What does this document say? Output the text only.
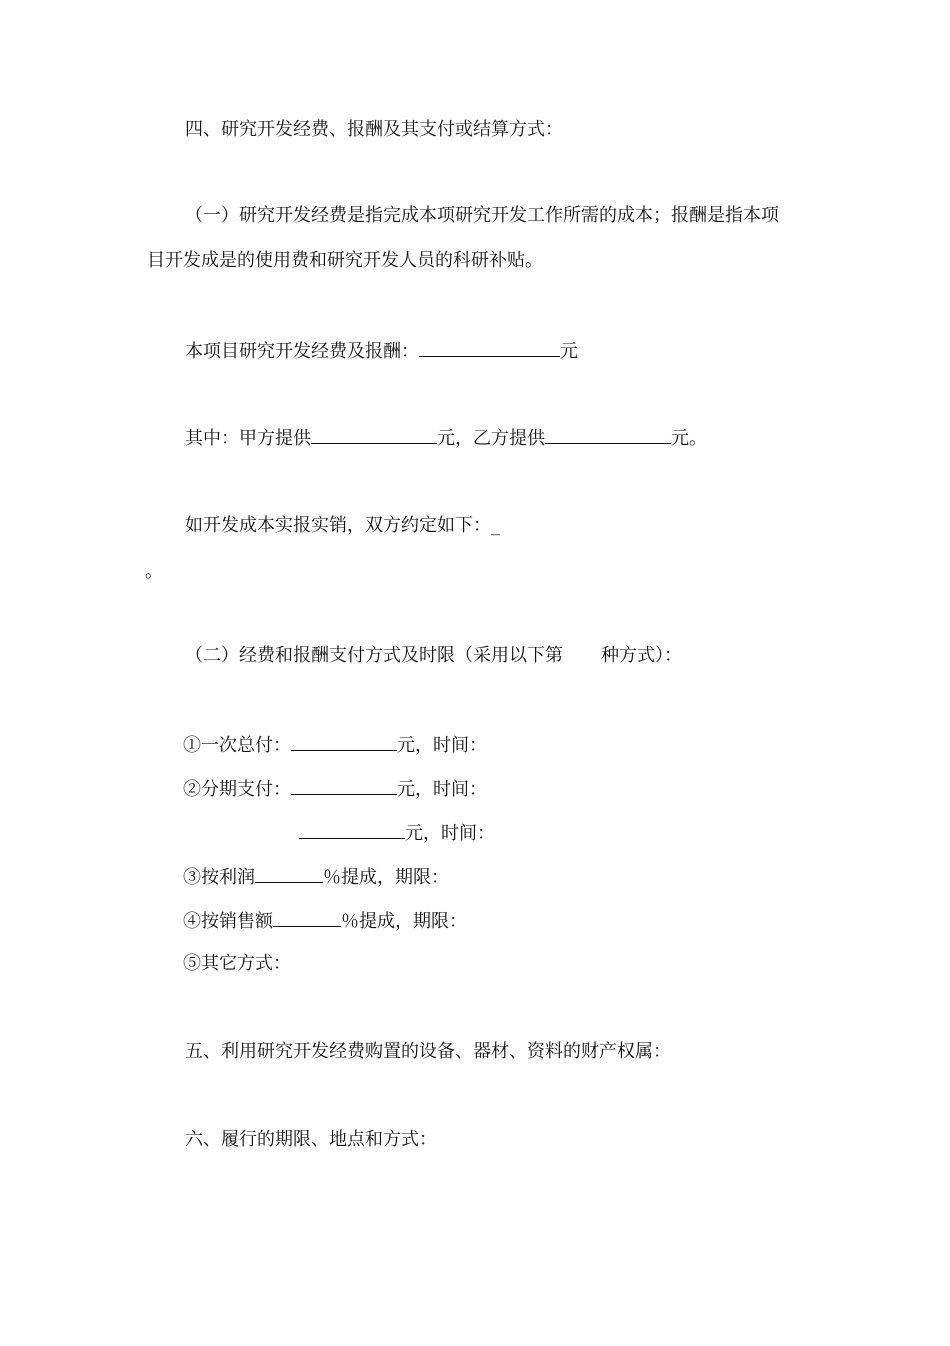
四、研究开发经费、报酬及其支付或结算方式：
（一）研究开发经费是指完成本项研究开发工作所需的成本；报酬是指本项
目开发成是的使用费和研究开发人员的科研补贴。
本项目研究开发经费及报酬：	元
其中：甲方提供	元，乙方提供	元。
如开发成本实报实销，双方约定如下：_
。
（二）经费和报酬支付方式及时限（采用以下第 种方式）：
①一次总付：	元，时间：
②分期支付：	元，时间：
元，时间：
③按利润	％提成，期限：
④按销售额	％提成，期限：
⑤其它方式：
五、利用研究开发经费购置的设备、器材、资料的财产权属：
六、履行的期限、地点和方式：
